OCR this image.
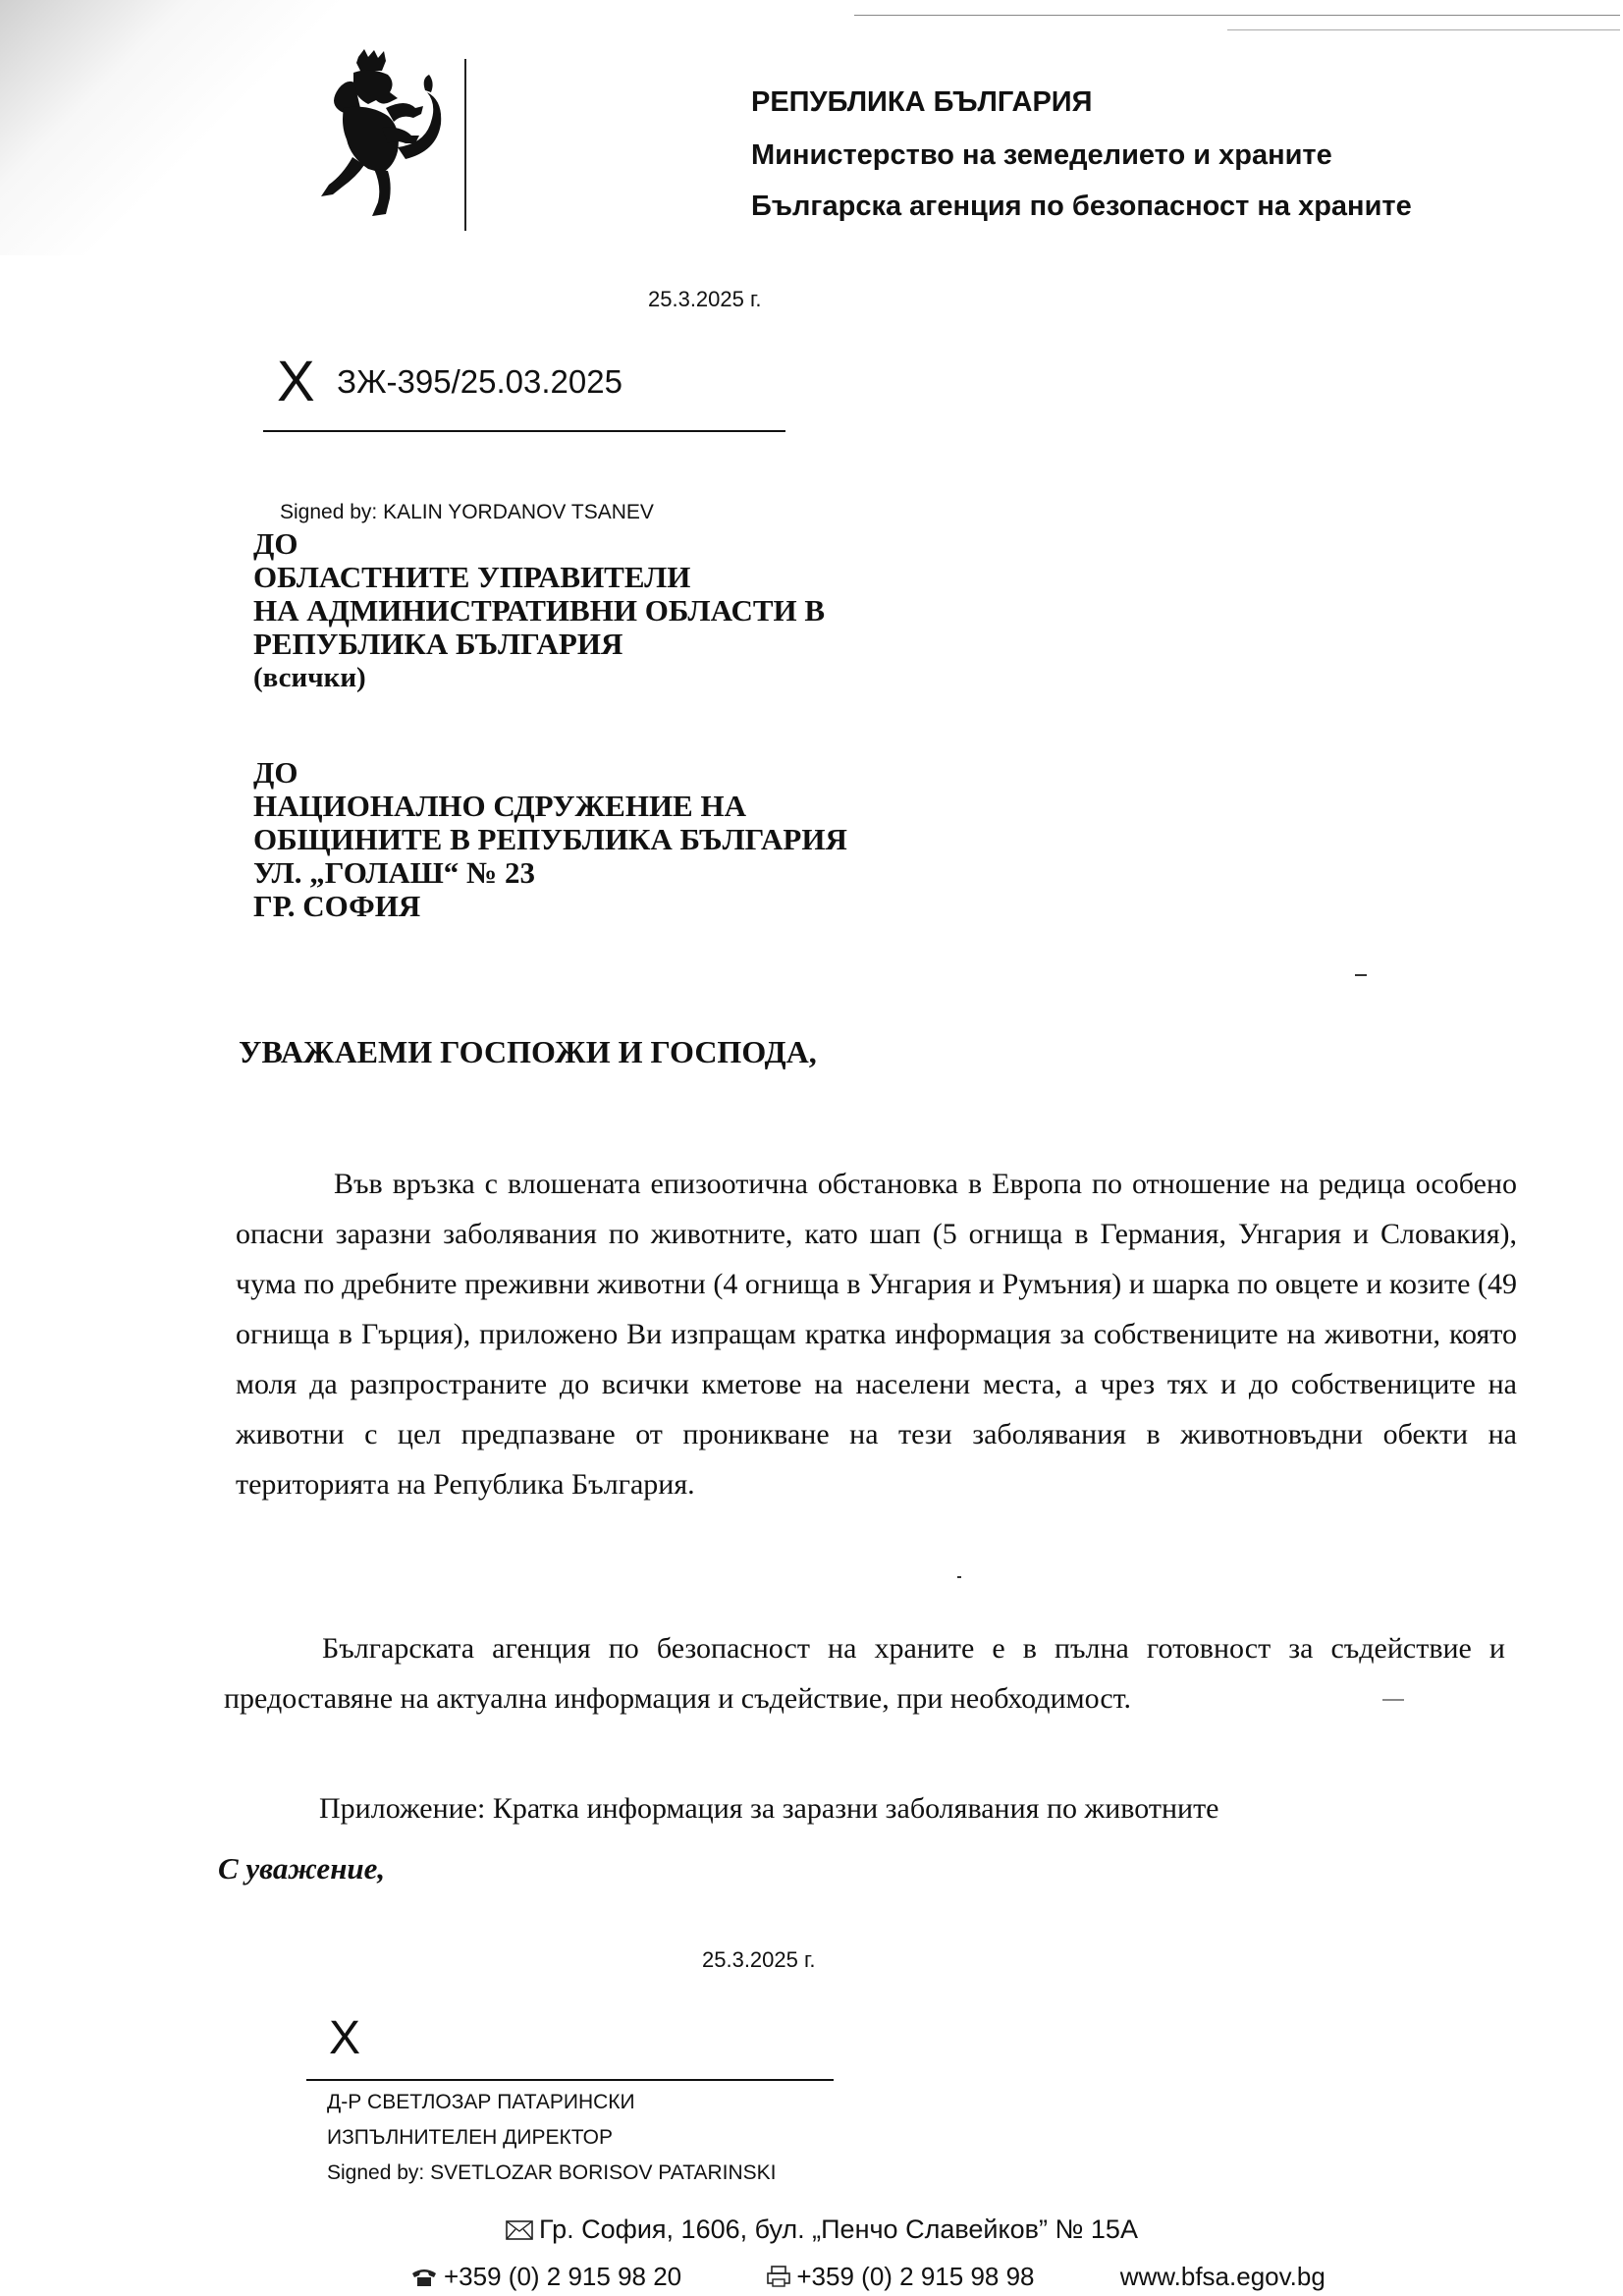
РЕПУБЛИКА БЪЛГАРИЯ
Министерство на земеделието и храните
Българска агенция по безопасност на храните
25.3.2025 г.
X ЗЖ-395/25.03.2025
Signed by: KALIN YORDANOV TSANEV
ДО
ОБЛАСТНИТЕ УПРАВИТЕЛИ
НА АДМИНИСТРАТИВНИ ОБЛАСТИ В
РЕПУБЛИКА БЪЛГАРИЯ
(всички)
ДО
НАЦИОНАЛНО СДРУЖЕНИЕ НА
ОБЩИНИТЕ В РЕПУБЛИКА БЪЛГАРИЯ
УЛ. „ГОЛАШ“ № 23
ГР. СОФИЯ
УВАЖАЕМИ ГОСПОЖИ И ГОСПОДА,
Във връзка с влошената епизоотична обстановка в Европа по отношение на редица особено опасни заразни заболявания по животните, като шап (5 огнища в Германия, Унгария и Словакия), чума по дребните преживни животни (4 огнища в Унгария и Румъния) и шарка по овцете и козите (49 огнища в Гърция), приложено Ви изпращам кратка информация за собствениците на животни, която моля да разпространите до всички кметове на населени места, а чрез тях и до собствениците на животни с цел предпазване от проникване на тези заболявания в животновъдни обекти на територията на Република България.
Българската агенция по безопасност на храните е в пълна готовност за съдействие и предоставяне на актуална информация и съдействие, при необходимост.
Приложение: Кратка информация за заразни заболявания по животните
С уважение,
25.3.2025 г.
X
Д-Р СВЕТЛОЗАР ПАТАРИНСКИ
ИЗПЪЛНИТЕЛЕН ДИРЕКТОР
Signed by: SVETLOZAR BORISOV PATARINSKI
Гр. София, 1606, бул. „Пенчо Славейков” № 15А
+359 (0) 2 915 98 20	+359 (0) 2 915 98 98	www.bfsa.egov.bg
